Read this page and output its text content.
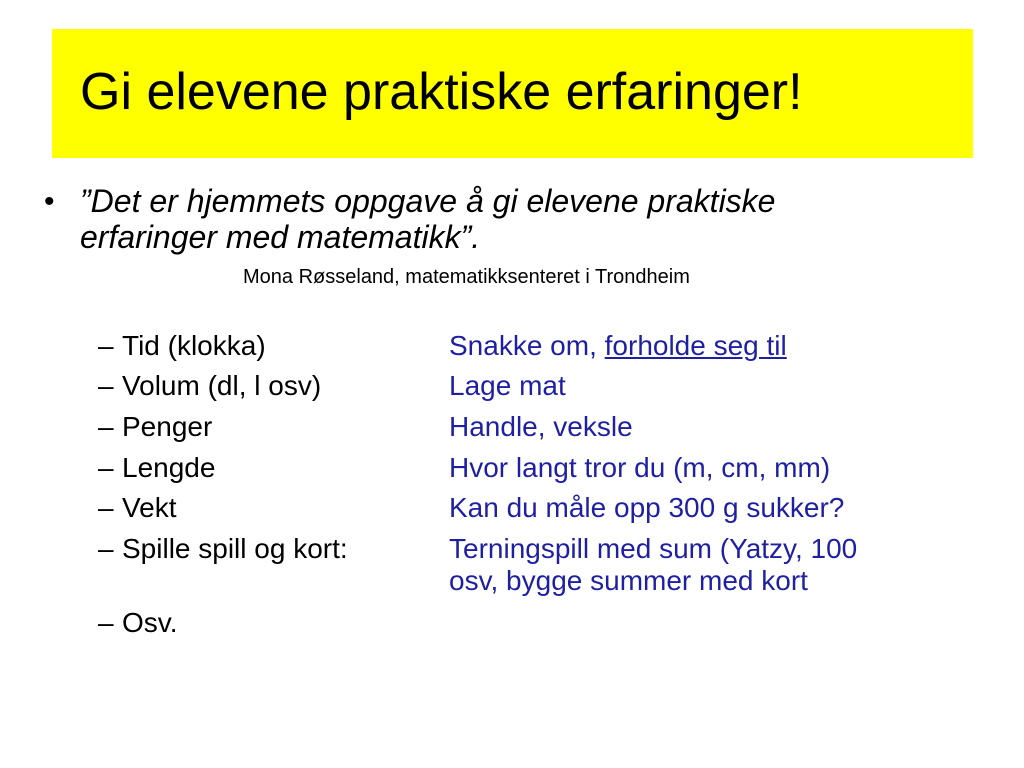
Gi elevene praktiske erfaringer!
• ”Det er hjemmets oppgave å gi elevene praktiske
erfaringer med matematikk”.
Mona Røsseland, matematikksenteret i Trondheim
– Tid (klokka)	Snakke om, forholde seg til
– Volum (dl, l osv)	Lage mat
– Penger	Handle, veksle
– Lengde	Hvor langt tror du (m, cm, mm)
– Vekt	Kan du måle opp 300 g sukker?
– Spille spill og kort:	Terningspill med sum (Yatzy, 100
osv, bygge summer med kort
– Osv.
